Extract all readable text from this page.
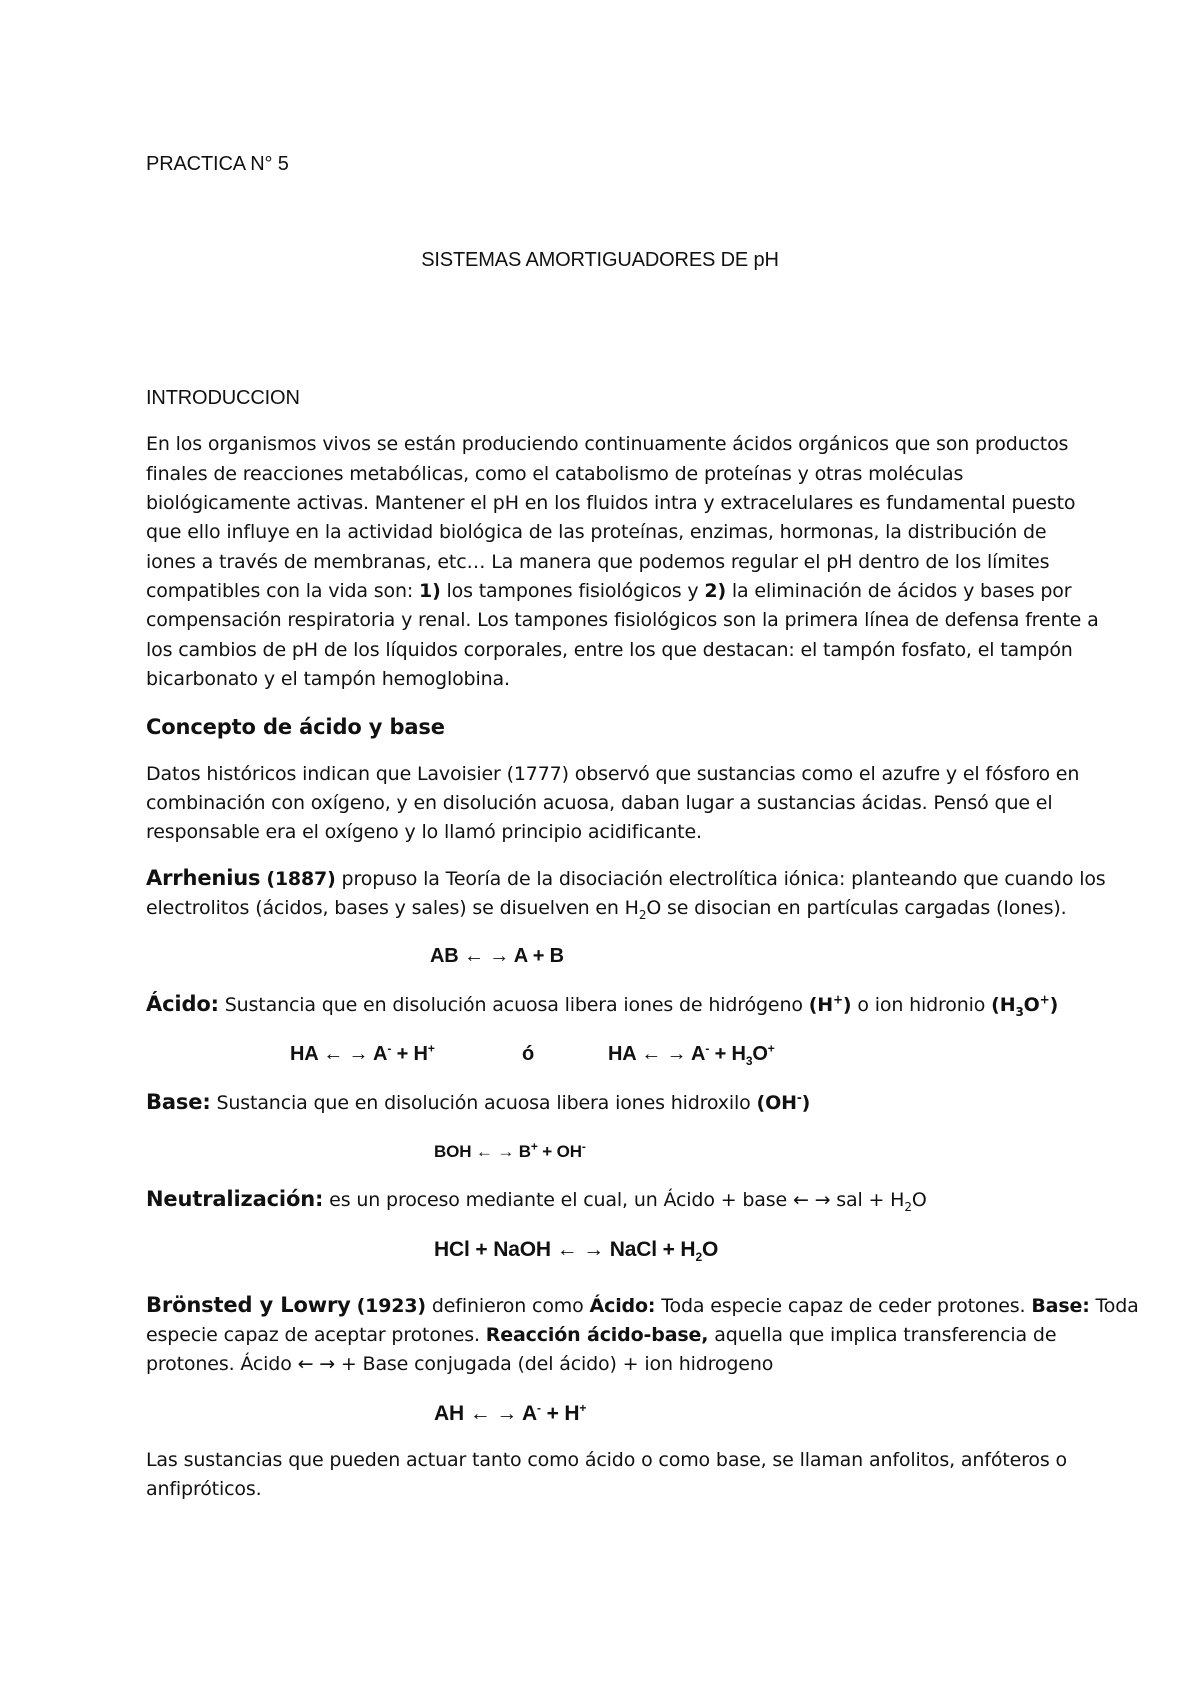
PRACTICA N° 5
SISTEMAS AMORTIGUADORES DE pH
INTRODUCCION
En los organismos vivos se están produciendo continuamente ácidos orgánicos que son productos
finales de reacciones metabólicas, como el catabolismo de proteínas y otras moléculas
biológicamente activas. Mantener el pH en los fluidos intra y extracelulares es fundamental puesto
que ello influye en la actividad biológica de las proteínas, enzimas, hormonas, la distribución de
iones a través de membranas, etc… La manera que podemos regular el pH dentro de los límites
compatibles con la vida son: 1) los tampones fisiológicos y 2) la eliminación de ácidos y bases por
compensación respiratoria y renal. Los tampones fisiológicos son la primera línea de defensa frente a
los cambios de pH de los líquidos corporales, entre los que destacan: el tampón fosfato, el tampón
bicarbonato y el tampón hemoglobina.
Concepto de ácido y base
Datos históricos indican que Lavoisier (1777) observó que sustancias como el azufre y el fósforo en
combinación con oxígeno, y en disolución acuosa, daban lugar a sustancias ácidas. Pensó que el
responsable era el oxígeno y lo llamó principio acidificante.
Arrhenius (1887) propuso la Teoría de la disociación electrolítica iónica: planteando que cuando los
electrolitos (ácidos, bases y sales) se disuelven en $H_2O$ se disocian en partículas cargadas (Iones).
AB ← → A + B
Ácido: Sustancia que en disolución acuosa libera iones de hidrógeno (H+) o ion hidronio $(H_3O^+)$
HA ← → A- + H+	ó	HA ← → $A^- + H_3O^+$
Base: Sustancia que en disolución acuosa libera iones hidroxilo (OH-)
BOH ← → B+ + OH-
Neutralización: es un proceso mediante el cual, un Ácido + base ← → sal + $H_2O$
HCl + NaOH ← → NaCl + $H_2O$
Brönsted y Lowry (1923) definieron como Ácido: Toda especie capaz de ceder protones. Base: Toda
especie capaz de aceptar protones. Reacción ácido-base, aquella que implica transferencia de
protones. Ácido ← → + Base conjugada (del ácido) + ion hidrogeno
AH ← → A- + H+
Las sustancias que pueden actuar tanto como ácido o como base, se llaman anfolitos, anfóteros o
anfipróticos.
